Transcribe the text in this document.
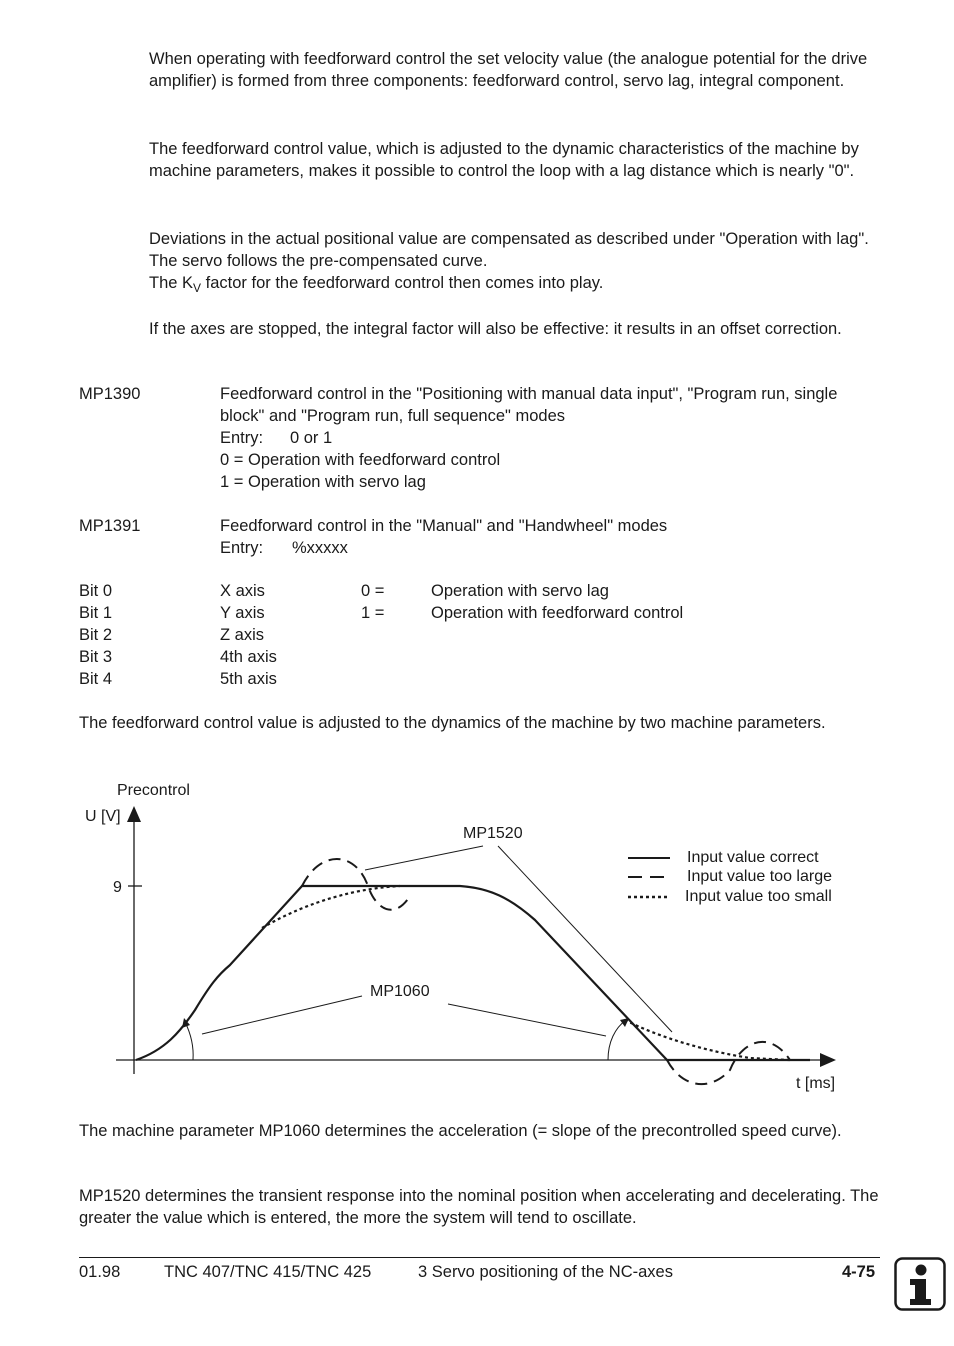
When operating with feedforward control the set velocity value (the analogue potential for the drive amplifier) is formed from three components: feedforward control, servo lag, integral component.

The feedforward control value, which is adjusted to the dynamic characteristics of the machine by machine parameters, makes it possible to control the loop with a lag distance which is nearly "0".

Deviations in the actual positional value are compensated as described under "Operation with lag". The servo follows the pre-compensated curve.

The $K_V$ factor for the feedforward control then comes into play.

If the axes are stopped, the integral factor will also be effective: it results in an offset correction.

MP1390	Feedforward control in the "Positioning with manual data input", "Program run, single block" and "Program run, full sequence" modes

Entry: 0 or 1
0 = Operation with feedforward control
1 = Operation with servo lag
MP1391	Feedforward control in the "Manual" and "Handwheel" modes
Entry: %xxxxx
Bit 0	X axis	0 =	Operation with servo lag
Bit 1	Y axis	1 =	Operation with feedforward control
Bit 2	Z axis
Bit 3	4th axis
Bit 4	5th axis

The feedforward control value is adjusted to the dynamics of the machine by two machine parameters.

Precontrol
U [V]
9
t [ms]
MP1520
MP1060
Input value correct
Input value too large
Input value too small

The machine parameter MP1060 determines the acceleration (= slope of the precontrolled speed curve).

MP1520 determines the transient response into the nominal position when accelerating and decelerating. The greater the value which is entered, the more the system will tend to oscillate.

01.98	TNC 407/TNC 415/TNC 425	3 Servo positioning of the NC-axes	4-75
